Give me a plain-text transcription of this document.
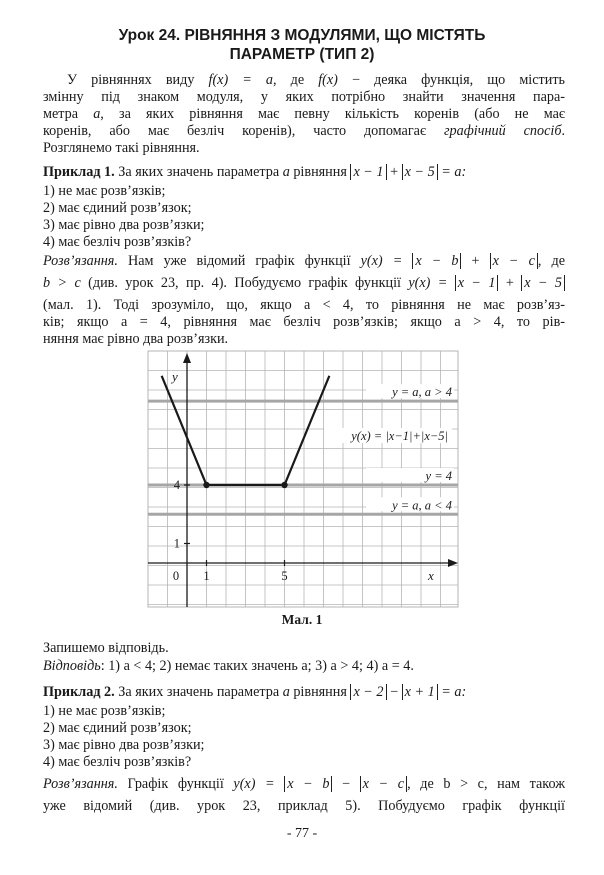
Урок 24. РІВНЯННЯ З МОДУЛЯМИ, ЩО МІСТЯТЬ
ПАРАМЕТР (ТИП 2)
У рівняннях виду f(x) = a, де f(x) − деяка функція, що містить
змінну під знаком модуля, у яких потрібно знайти значення пара-
метра a, за яких рівняння має певну кількість коренів (або не має
коренів, або має безліч коренів), часто допомагає графічний спосіб.
Розглянемо такі рівняння.
Приклад 1. За яких значень параметра a рівняння x − 1 + x − 5 = a:
1) не має розв’язків;
2) має єдиний розв’язок;
3) має рівно два розв’язки;
4) має безліч розв’язків?
Розв’язання. Нам уже відомий графік функції y(x) = x − b + x − c , де
b > c (див. урок 23, пр. 4). Побудуємо графік функції y(x) = x − 1 + x − 5
(мал. 1). Тоді зрозуміло, що, якщо a < 4, то рівняння не має розв’яз-
ків; якщо a = 4, рівняння має безліч розв’язків; якщо a > 4, то рів-
няння має рівно два розв’язки.
y = a, a > 4
y = 4
y = a, a < 4
x
y
0 1	5
1
4
y(x) = |x−1|+|x−5|
Мал. 1
Запишемо відповідь.
Відповідь: 1) a < 4; 2) немає таких значень a; 3) a > 4; 4) a = 4.
Приклад 2. За яких значень параметра a рівняння x − 2 − x + 1 = a:
1) не має розв’язків;
2) має єдиний розв’язок;
3) має рівно два розв’язки;
4) має безліч розв’язків?
Розв’язання. Графік функції y(x) = x − b − x − c , де b > c, нам також
уже відомий (див. урок 23, приклад 5). Побудуємо графік функції
- 77 -
